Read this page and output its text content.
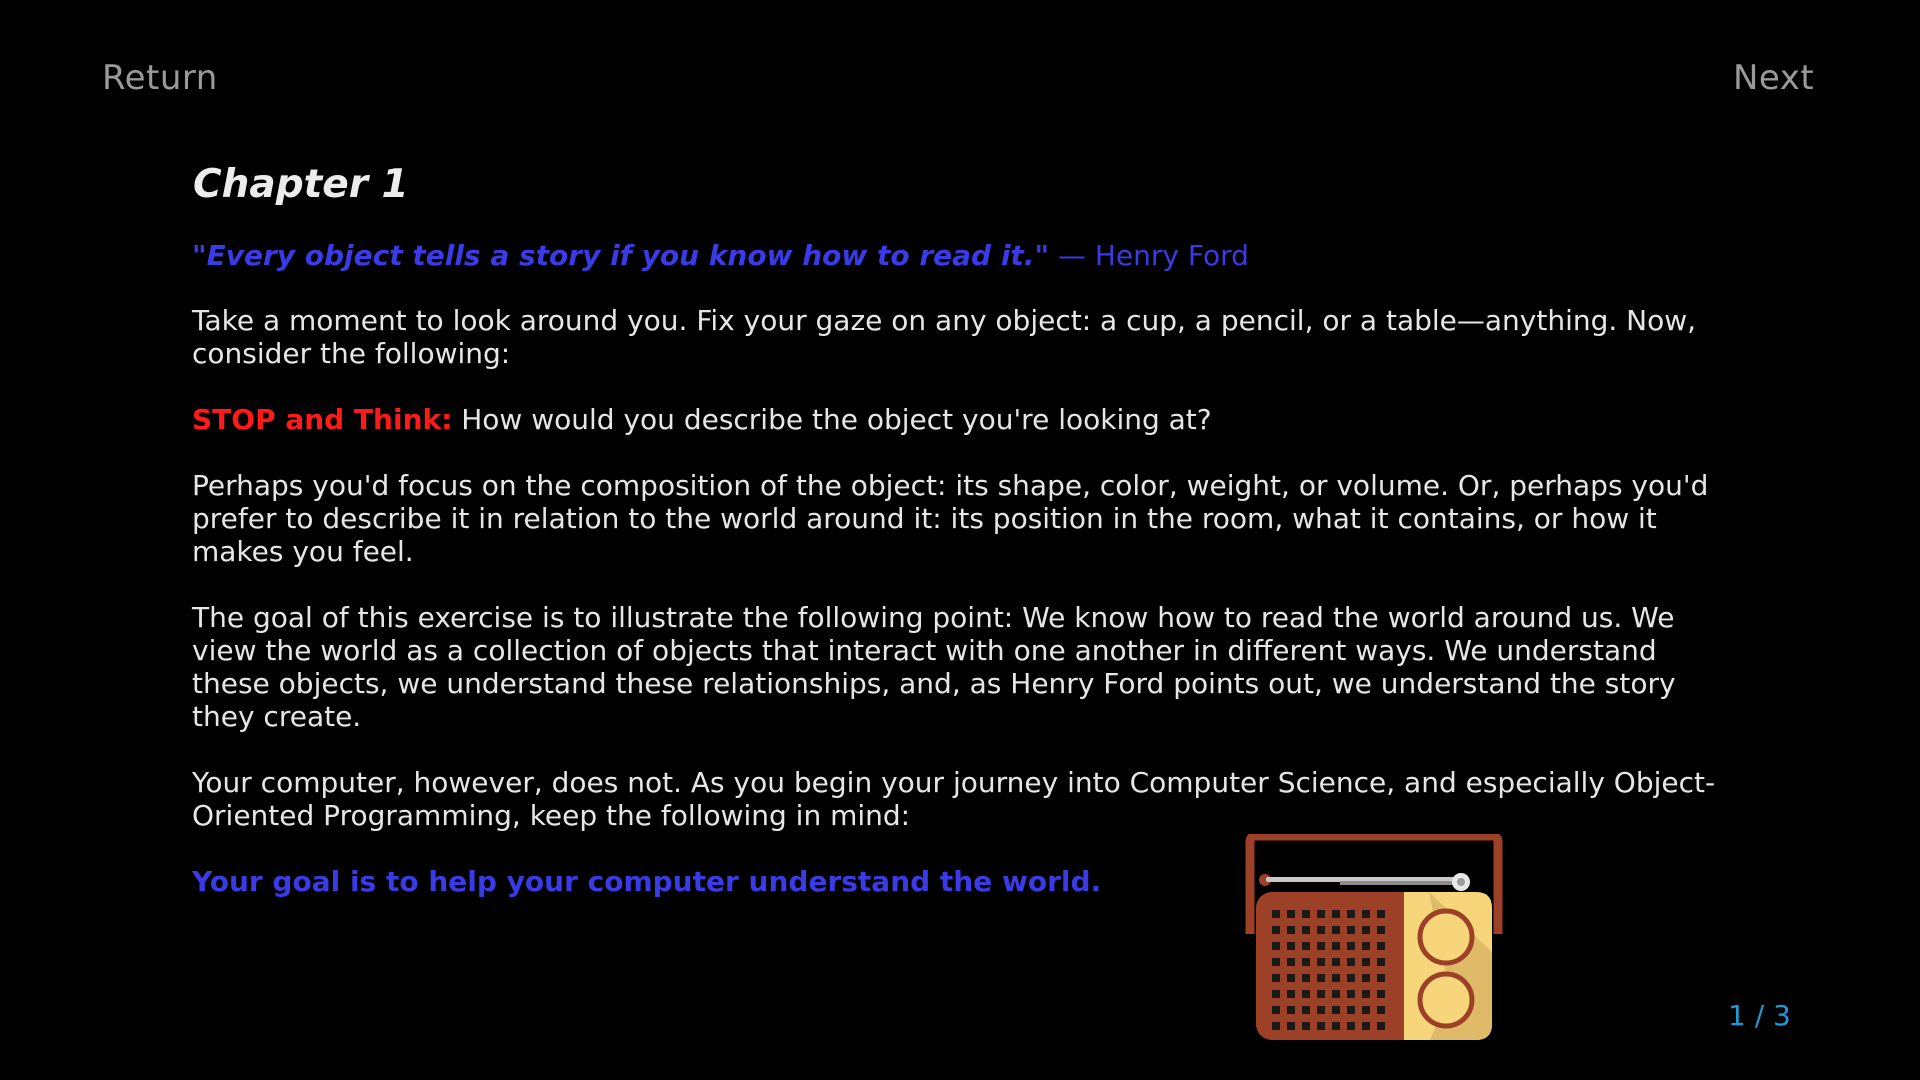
Return	Next
Chapter 1

"Every object tells a story if you know how to read it." — Henry Ford

Take a moment to look around you. Fix your gaze on any object: a cup, a pencil, or a table—anything. Now, consider the following:

STOP and Think: How would you describe the object you're looking at?

Perhaps you'd focus on the composition of the object: its shape, color, weight, or volume. Or, perhaps you'd prefer to describe it in relation to the world around it: its position in the room, what it contains, or how it makes you feel.

The goal of this exercise is to illustrate the following point: We know how to read the world around us. We view the world as a collection of objects that interact with one another in different ways. We understand these objects, we understand these relationships, and, as Henry Ford points out, we understand the story they create.

Your computer, however, does not. As you begin your journey into Computer Science, and especially Object-Oriented Programming, keep the following in mind:

Your goal is to help your computer understand the world.

1 / 3
